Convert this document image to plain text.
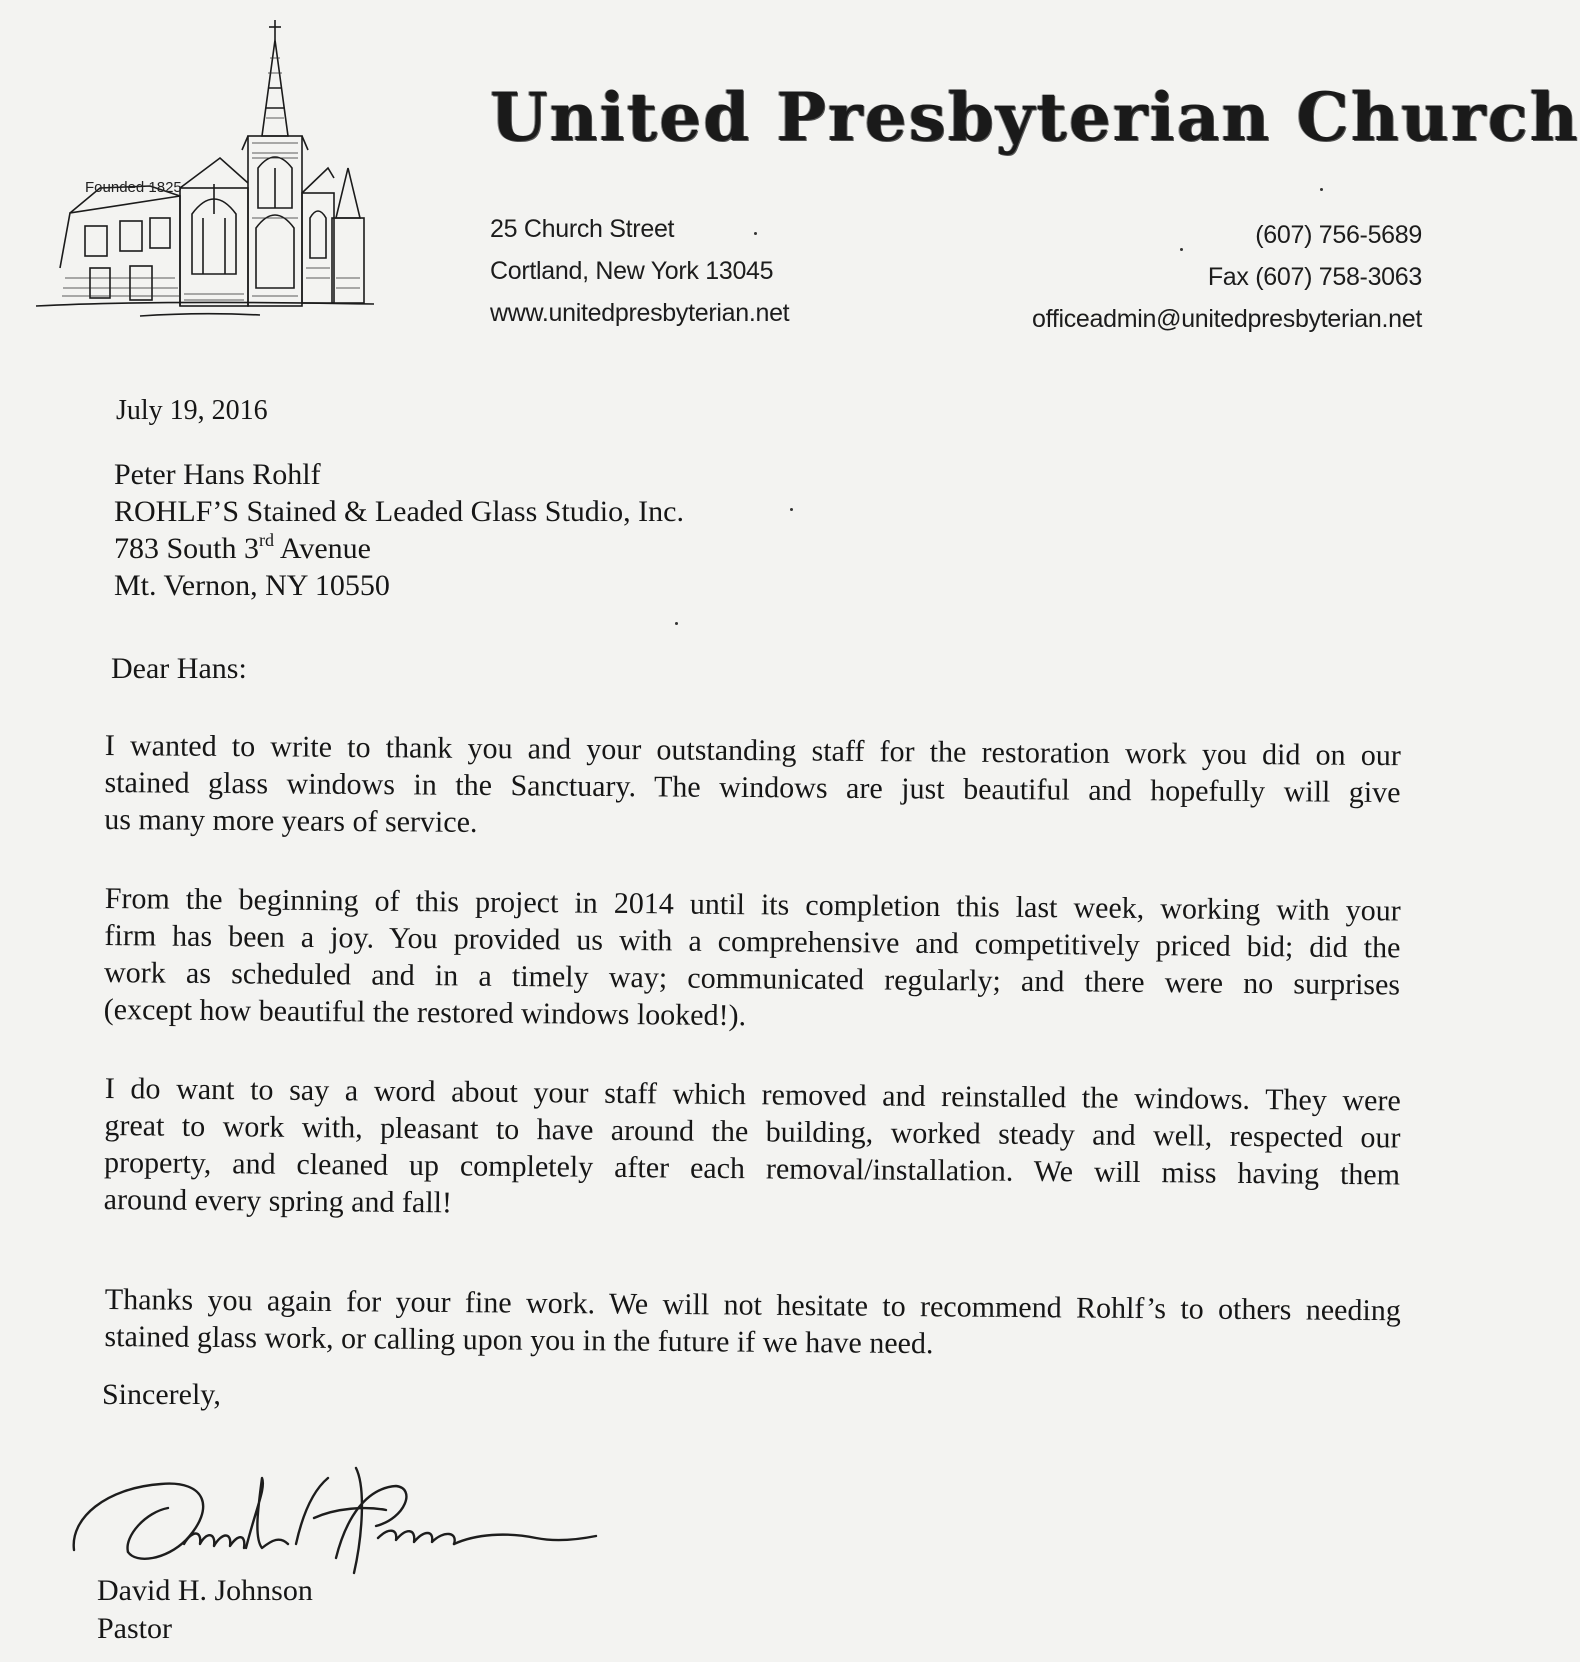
Founded 1825
United Presbyterian Church
25 Church Street
Cortland, New York 13045
www.unitedpresbyterian.net
(607) 756-5689
Fax (607) 758-3063
officeadmin@unitedpresbyterian.net
July 19, 2016
Peter Hans Rohlf
ROHLF’S Stained & Leaded Glass Studio, Inc.
783 South 3rd Avenue
Mt. Vernon, NY 10550
Dear Hans:
I wanted to write to thank you and your outstanding staff for the restoration work you did on our
stained glass windows in the Sanctuary. The windows are just beautiful and hopefully will give
us many more years of service.
From the beginning of this project in 2014 until its completion this last week, working with your
firm has been a joy. You provided us with a comprehensive and competitively priced bid; did the
work as scheduled and in a timely way; communicated regularly; and there were no surprises
(except how beautiful the restored windows looked!).
I do want to say a word about your staff which removed and reinstalled the windows. They were
great to work with, pleasant to have around the building, worked steady and well, respected our
property, and cleaned up completely after each removal/installation. We will miss having them
around every spring and fall!
Thanks you again for your fine work. We will not hesitate to recommend Rohlf’s to others needing
stained glass work, or calling upon you in the future if we have need.
Sincerely,
David H. Johnson
Pastor
